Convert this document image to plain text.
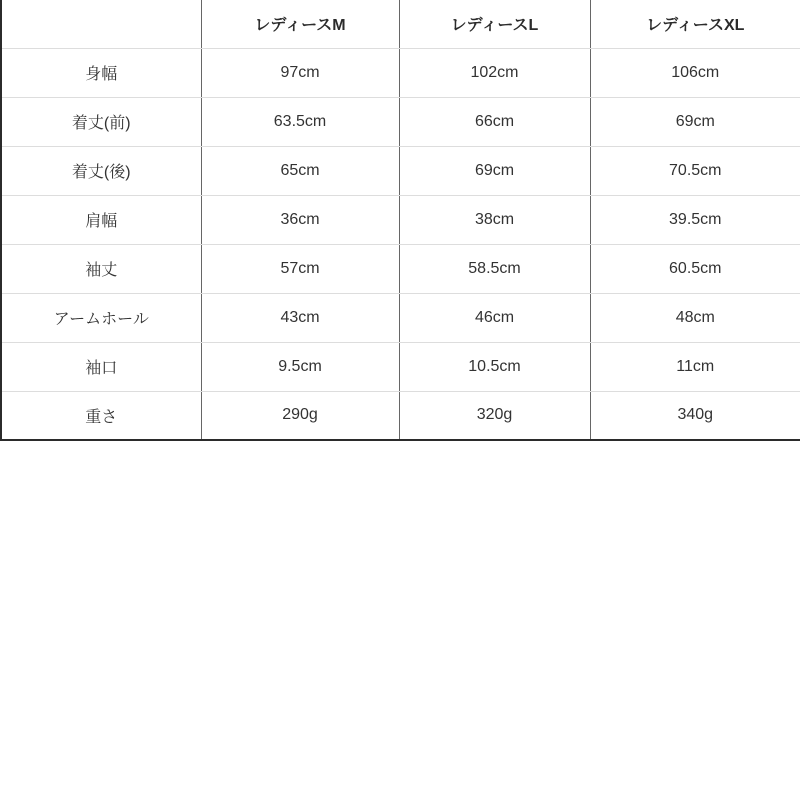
	レディースM	レディースL	レディースXL
身幅	97cm	102cm	106cm
着丈(前)	63.5cm	66cm	69cm
着丈(後)	65cm	69cm	70.5cm
肩幅	36cm	38cm	39.5cm
袖丈	57cm	58.5cm	60.5cm
アームホール	43cm	46cm	48cm
袖口	9.5cm	10.5cm	11cm
重さ	290g	320g	340g
